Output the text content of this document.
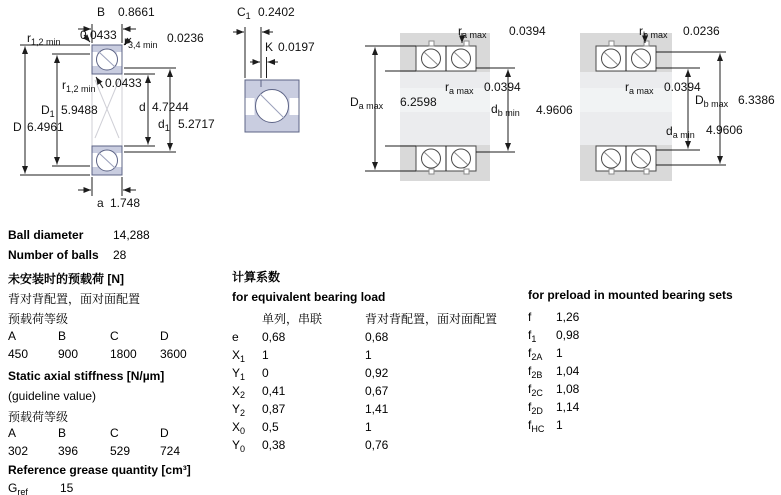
B 0.8661
$r_{1,2 min}$ 0.0433 $r_{3,4 min}$ 0.0236
$r_{1,2 min}$ 0.0433
$D_1$ 5.9488	d 4.7244
D 6.4961	$d_1$ 5.2717
a 1.748
$C_1$ 0.2402
K 0.0197
$r_{a max}$ 0.0394
$D_{a max}$ 6.2598
$r_{a max}$ 0.0394
$d_{b min}$ 4.9606
$r_{b max}$ 0.0236
$r_{a max}$ 0.0394
$D_{b max}$ 6.3386
$d_{a min}$ 4.9606
Ball diameter	14,288
Number of balls	28
未安装时的预载荷 [N]
背对背配置，面对面配置
预载荷等级
A	B	C	D
450	900	1800	3600
Static axial stiffness [N/µm]
(guideline value)
预载荷等级
A	B	C	D
302	396	529	724
Reference grease quantity [cm³]
$G_{ref}$	15
计算系数
for equivalent bearing load
单列，串联	背对背配置，面对面配置
e	0,68	0,68
$X_1$	1	1
$Y_1$	0	0,92
$X_2$	0,41	0,67
$Y_2$	0,87	1,41
$X_0$	0,5	1
$Y_0$	0,38	0,76
for preload in mounted bearing sets
f	1,26
$f_1$	0,98
$f_{2A}$	1
$f_{2B}$	1,04
$f_{2C}$	1,08
$f_{2D}$	1,14
$f_{HC}$ 1
